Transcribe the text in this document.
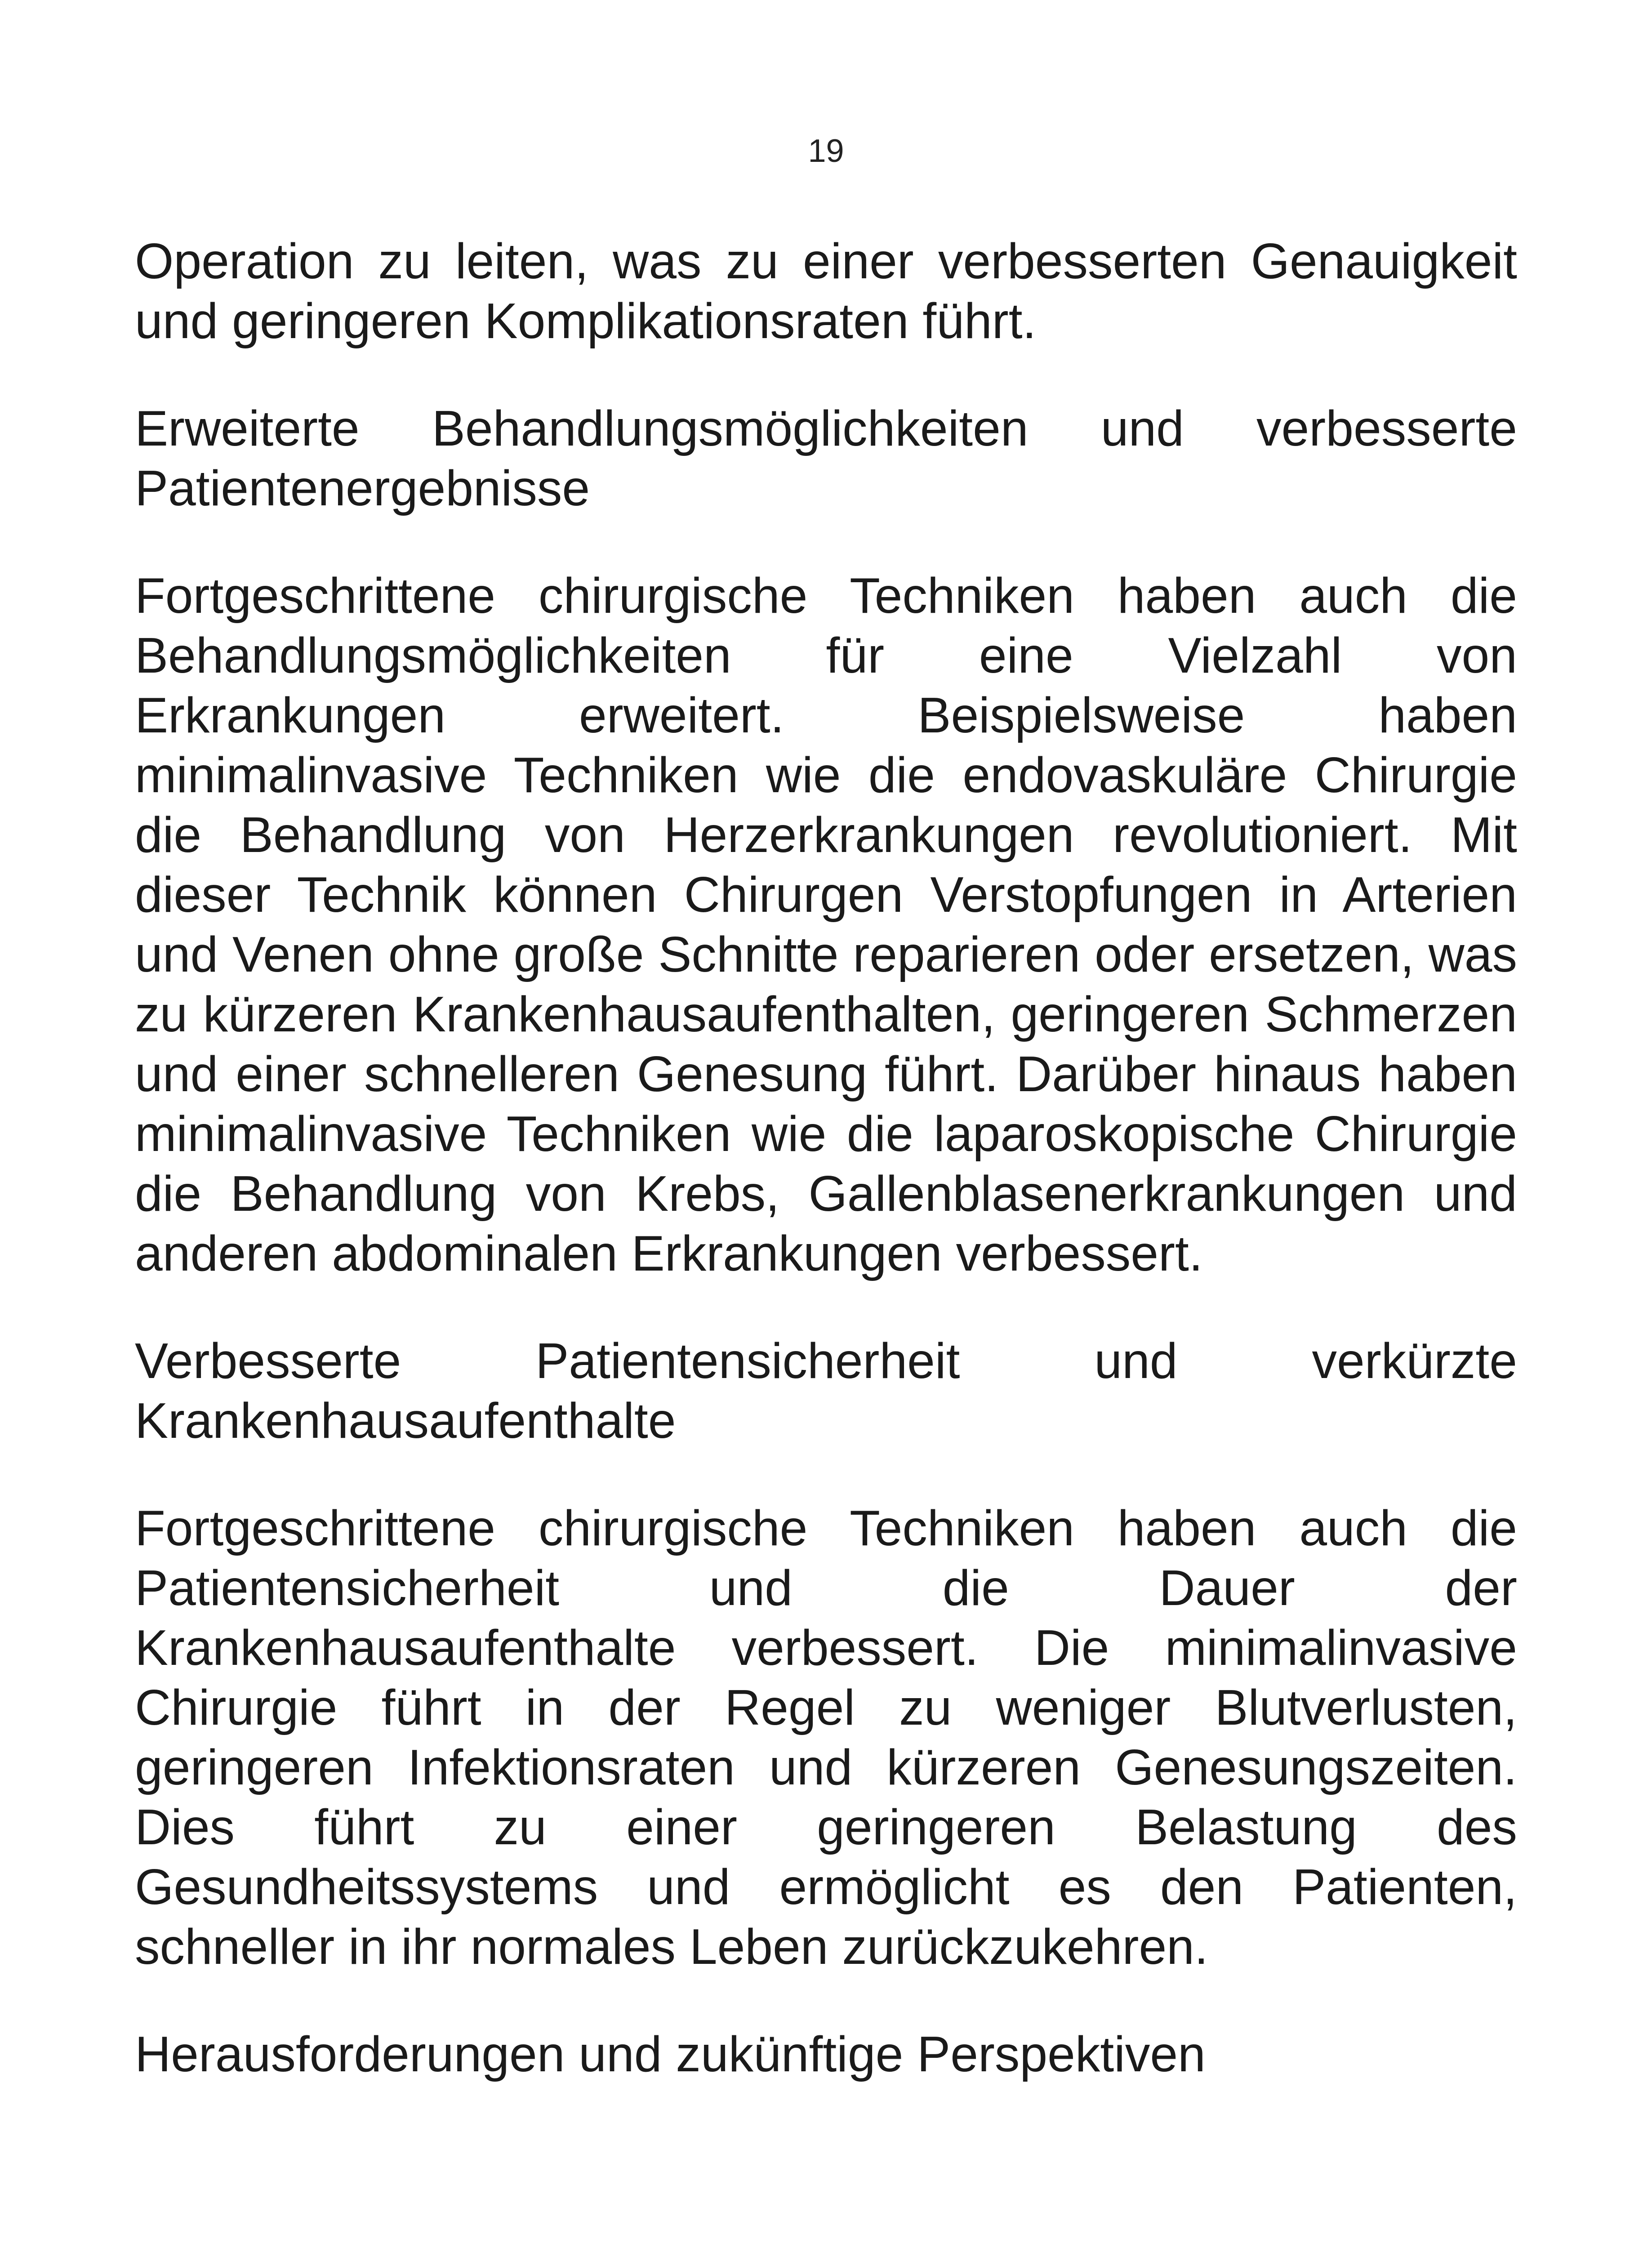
19

Operation zu leiten, was zu einer verbesserten Genauigkeit und geringeren Komplikationsraten führt.

Erweiterte Behandlungsmöglichkeiten und verbesserte Patientenergebnisse

Fortgeschrittene chirurgische Techniken haben auch die Behandlungsmöglichkeiten für eine Vielzahl von Erkrankungen erweitert. Beispielsweise haben minimalinvasive Techniken wie die endovaskuläre Chirurgie die Behandlung von Herzerkrankungen revolutioniert. Mit dieser Technik können Chirurgen Verstopfungen in Arterien und Venen ohne große Schnitte reparieren oder ersetzen, was zu kürzeren Krankenhausaufenthalten, geringeren Schmerzen und einer schnelleren Genesung führt. Darüber hinaus haben minimalinvasive Techniken wie die laparoskopische Chirurgie die Behandlung von Krebs, Gallenblasenerkrankungen und anderen abdominalen Erkrankungen verbessert.

Verbesserte Patientensicherheit und verkürzte Krankenhausaufenthalte

Fortgeschrittene chirurgische Techniken haben auch die Patientensicherheit und die Dauer der Krankenhausaufenthalte verbessert. Die minimalinvasive Chirurgie führt in der Regel zu weniger Blutverlusten, geringeren Infektionsraten und kürzeren Genesungszeiten. Dies führt zu einer geringeren Belastung des Gesundheitssystems und ermöglicht es den Patienten, schneller in ihr normales Leben zurückzukehren.

Herausforderungen und zukünftige Perspektiven
